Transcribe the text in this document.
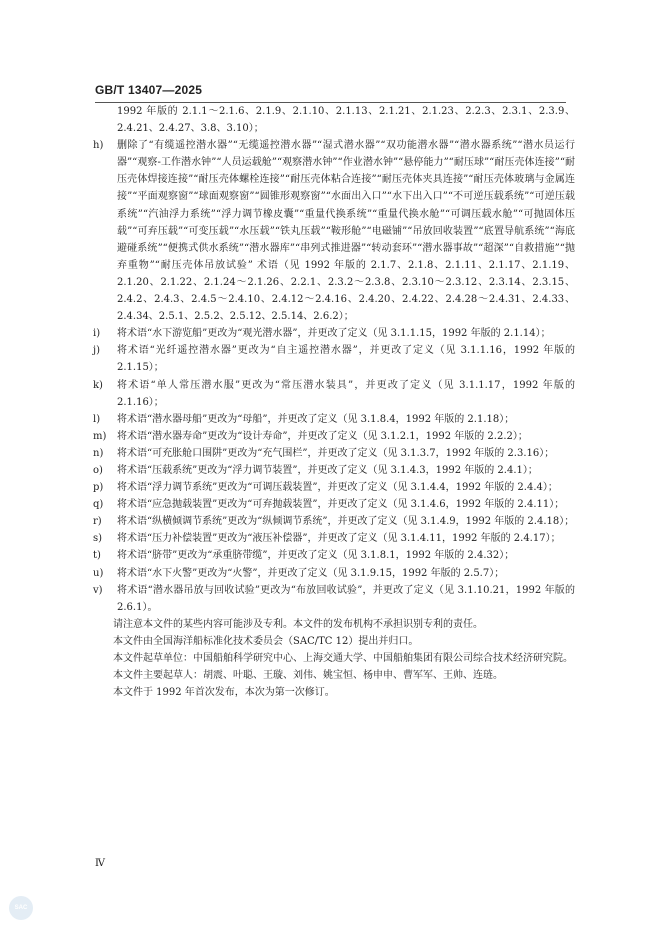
GB/T 13407—2025
1992 年版的 2.1.1～2.1.6、2.1.9、2.1.10、2.1.13、2.1.21、2.1.23、2.2.3、2.3.1、2.3.9、2.4.21、2.4.27、3.8、3.10）；
h)	删除了“有缆遥控潜水器”“无缆遥控潜水器”“湿式潜水器”“双功能潜水器”“潜水器系统”“潜水员运行器”“观察-工作潜水钟”“人员运载舱”“观察潜水钟”“作业潜水钟”“悬停能力”“耐压球”“耐压壳体连接”“耐压壳体焊接连接”“耐压壳体螺栓连接”“耐压壳体粘合连接”“耐压壳体夹具连接”“耐压壳体玻璃与金属连接”“平面观察窗”“球面观察窗”“圆锥形观察窗”“水面出入口”“水下出入口”“不可逆压载系统”“可逆压载系统”“汽油浮力系统”“浮力调节橡皮囊”“重量代换系统”“重量代换水舱”“可调压载水舱”“可抛固体压载”“可弃压载”“可变压载”“水压载”“铁丸压载”“鞍形舱”“电磁铺”“吊放回收装置”“底置导航系统”“海底避碰系统”“便携式供水系统”“潜水器库”“串列式推进器”“转动套环”“潜水器事故”“超深”“自救措施”“抛弃重物”“耐压壳体吊放试验” 术语（见 1992 年版的 2.1.7、2.1.8、2.1.11、2.1.17、2.1.19、2.1.20、2.1.22、2.1.24～2.1.26、2.2.1、2.3.2～2.3.8、2.3.10～2.3.12、2.3.14、2.3.15、2.4.2、2.4.3、2.4.5～2.4.10、2.4.12～2.4.16、2.4.20、2.4.22、2.4.28～2.4.31、2.4.33、2.4.34、2.5.1、2.5.2、2.5.12、2.5.14、2.6.2）；
i)	将术语“水下游览船”更改为“观光潜水器”，并更改了定义（见 3.1.1.15，1992 年版的 2.1.14）；
j)	将术语“光纤遥控潜水器”更改为“自主遥控潜水器”，并更改了定义（见 3.1.1.16，1992 年版的 2.1.15）；
k)	将术语“单人常压潜水服”更改为“常压潜水装具”，并更改了定义（见 3.1.1.17，1992 年版的 2.1.16）；
l)	将术语“潜水器母船”更改为“母船”，并更改了定义（见 3.1.8.4，1992 年版的 2.1.18）；
m)	将术语“潜水器寿命”更改为“设计寿命”，并更改了定义（见 3.1.2.1，1992 年版的 2.2.2）；
n)	将术语“可充胀舱口围阱”更改为“充气围栏”，并更改了定义（见 3.1.3.7，1992 年版的 2.3.16）；
o)	将术语“压载系统”更改为“浮力调节装置”，并更改了定义（见 3.1.4.3，1992 年版的 2.4.1）；
p)	将术语“浮力调节系统”更改为“可调压载装置”，并更改了定义（见 3.1.4.4，1992 年版的 2.4.4）；
q)	将术语“应急抛载装置”更改为“可弃抛载装置”，并更改了定义（见 3.1.4.6，1992 年版的 2.4.11）；
r)	将术语“纵横倾调节系统”更改为“纵倾调节系统”，并更改了定义（见 3.1.4.9，1992 年版的 2.4.18）；
s)	将术语“压力补偿装置”更改为“液压补偿器”，并更改了定义（见 3.1.4.11，1992 年版的 2.4.17）；
t)	将术语“脐带”更改为“承重脐带缆”，并更改了定义（见 3.1.8.1，1992 年版的 2.4.32）；
u)	将术语“水下火警”更改为“火警”，并更改了定义（见 3.1.9.15，1992 年版的 2.5.7）；
v)	将术语“潜水器吊放与回收试验”更改为“布放回收试验”，并更改了定义（见 3.1.10.21，1992 年版的 2.6.1）。
请注意本文件的某些内容可能涉及专利。本文件的发布机构不承担识别专利的责任。
本文件由全国海洋船标准化技术委员会（SAC/TC 12）提出并归口。
本文件起草单位：中国船舶科学研究中心、上海交通大学、中国船舶集团有限公司综合技术经济研究院。
本文件主要起草人：胡震、叶聪、王璇、刘伟、姚宝恒、杨申申、曹军军、王帅、连琏。
本文件于 1992 年首次发布，本次为第一次修订。
Ⅳ
SAC
